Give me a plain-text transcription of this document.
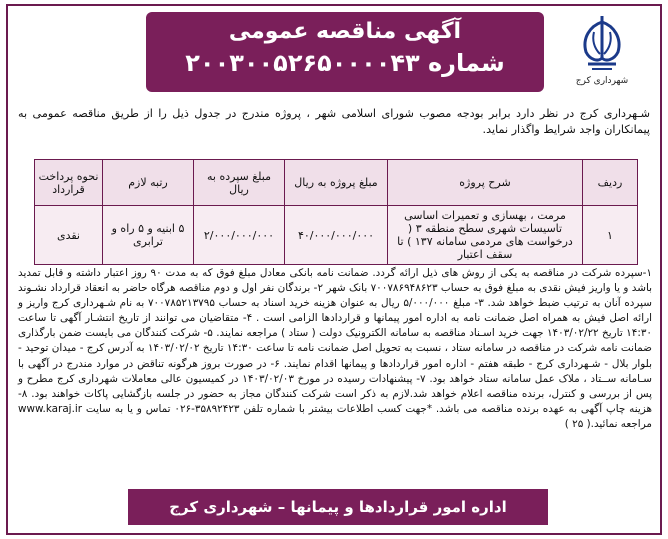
آگهی مناقصه عمومی
شماره ۲۰۰۳۰۰۵۲۶۵۰۰۰۰۴۳
شهرداری کرج
شـهرداری کرج در نظر دارد برابر بودجه مصوب شورای اسلامی شهر ، پروژه مندرج در جدول ذیل را از طریق مناقصه عمومی به پیمانکاران واجد شرایط واگذار نماید.
ردیف	شرح پروژه	مبلغ پروژه به ریال	مبلغ سپرده به ریال	رتبه لازم	نحوه پرداخت قرارداد
۱	مرمت ، بهسازی و تعمیرات اساسی تاسیسات شهری سطح منطقه ۳ ( درخواست های مردمی سامانه ۱۳۷ ) تا سقف اعتبار	۴۰/۰۰۰/۰۰۰/۰۰۰	۲/۰۰۰/۰۰۰/۰۰۰	۵ ابنیه و ۵ راه و ترابری	نقدی
۱-سپرده شرکت در مناقصه به یکی از روش های ذیل ارائه گردد. ضمانت نامه بانکی معادل مبلغ فوق که به مدت ۹۰ روز اعتبار داشته و قابل تمدید باشد و یا واریز فیش نقدی به مبلغ فوق به حساب ۷۰۰۷۸۶۹۴۸۶۲۳ بانک شهر ۲- برندگان نفر اول و دوم مناقصه هرگاه حاضر به انعقاد قرارداد نشـوند سپرده آنان به ترتیب ضبط خواهد شد. ۳- مبلغ ۵/۰۰۰/۰۰۰ ریال به عنوان هزینه خرید اسناد به حساب ۷۰۰۷۸۵۲۱۳۷۹۵ به نام شـهرداری کرج واریز و ارائه اصل فیش به همراه اصل ضمانت نامه به اداره امور پیمانها و قراردادها الزامی است . ۴- متقاضیان می توانند از تاریخ انتشـار آگهی تا ساعت ۱۴:۳۰ تاریخ ۱۴۰۳/۰۲/۲۲ جهت خرید اسـناد مناقصه به سامانه الکترونیک دولت ( ستاد ) مراجعه نمایند. ۵- شرکت کنندگان می بایست ضمن بارگذاری ضمانت نامه شرکت در مناقصه در سامانه ستاد ، نسبت به تحویل اصل ضمانت نامه تا ساعت ۱۴:۳۰ تاریخ ۱۴۰۳/۰۲/۰۲ به آدرس کرج - میدان توحید - بلوار بلال - شـهرداری کرج - طبقه هفتم - اداره امور قراردادها و پیمانها اقدام نمایند. ۶- در صورت بروز هرگونه تناقض در موارد مندرج در آگهی با سـامانه ســتاد ، ملاک عمل سامانه ستاد خواهد بود. ۷- پیشنهادات رسیده در مورخ ۱۴۰۳/۰۲/۰۳ در کمیسیون عالی معاملات شهرداری کرج مطرح و پس از بررسی و کنترل، برنده مناقصه اعلام خواهد شد.لازم به ذکر است شرکت کنندگان مجاز به حضور در جلسه بازگشایی پاکات خواهند بود. ۸- هزینه چاپ آگهی به عهده برنده مناقصه می باشد. *جهت کسب اطلاعات بیشتر با شماره تلفن ۳۵۸۹۲۴۲۳-۰۲۶ تماس و یا به سایت www.karaj.ir مراجعه نمائید.( ۲۵ )
اداره امور قراردادها و پیمانها – شهرداری کرج
